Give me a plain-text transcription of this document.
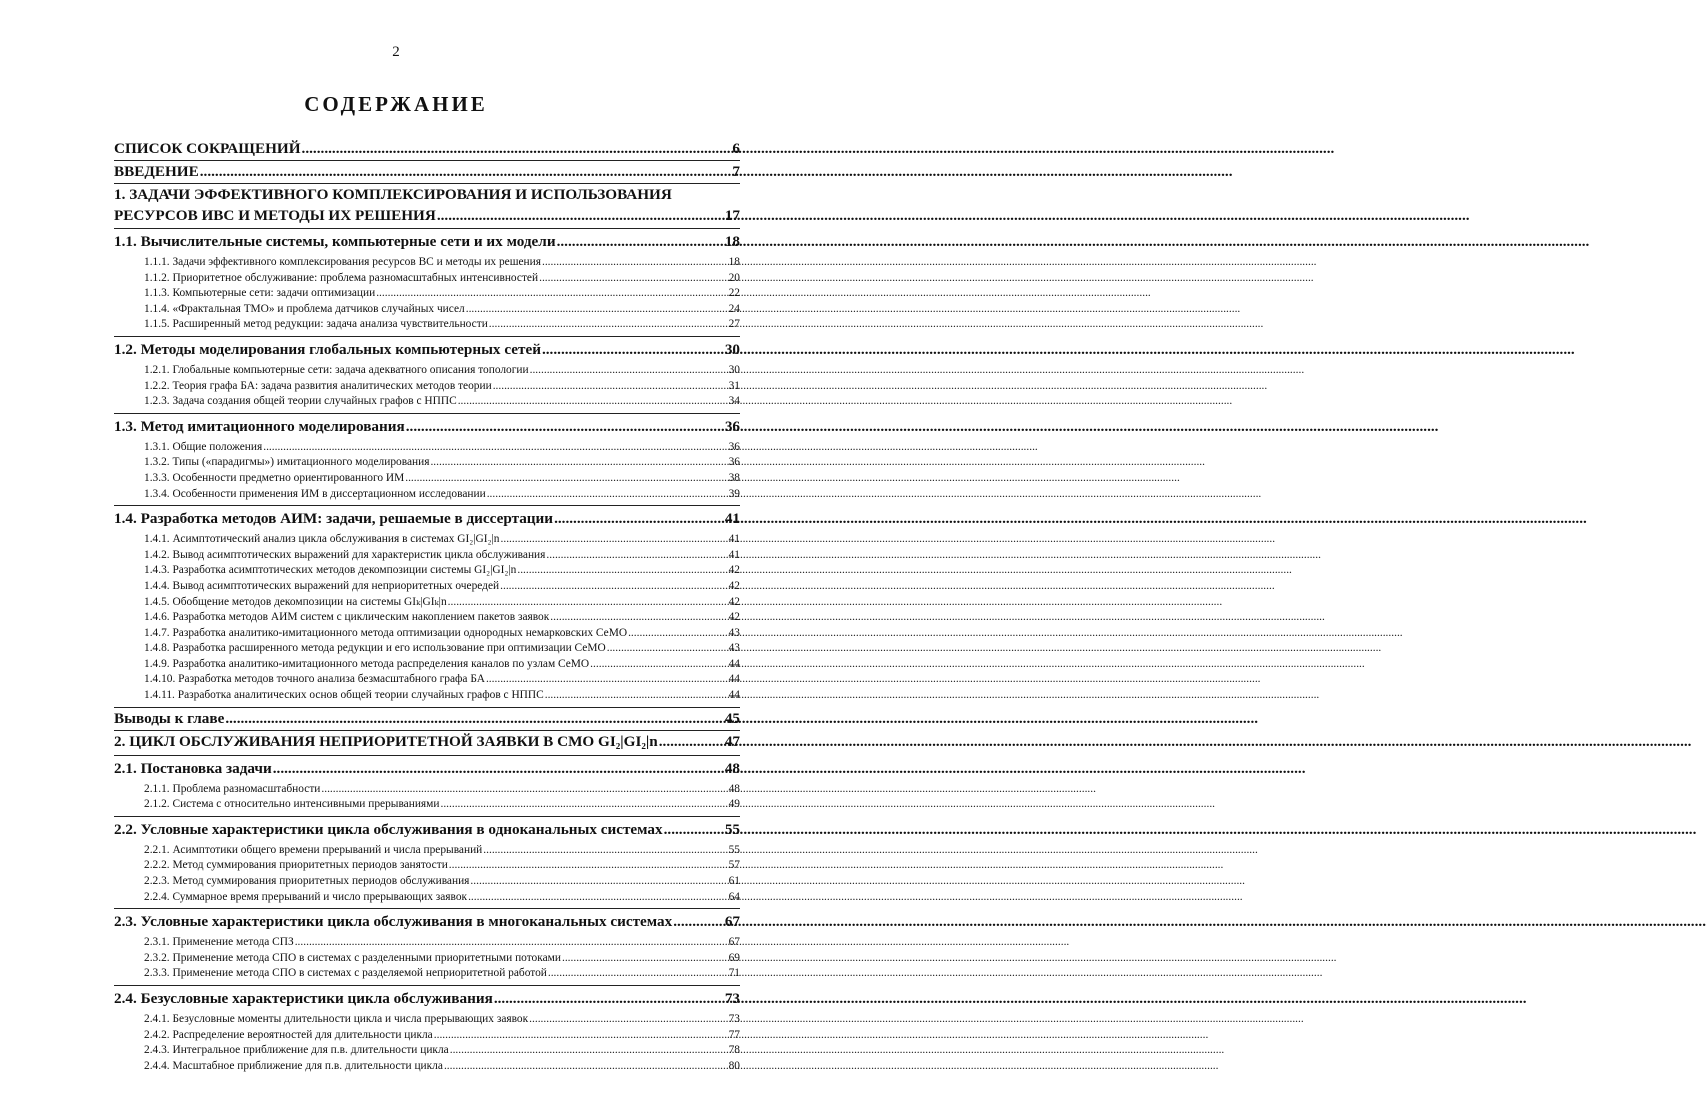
2
СОДЕРЖАНИЕ
СПИСОК СОКРАЩЕНИЙ .....	6
ВВЕДЕНИЕ .....	7
1. ЗАДАЧИ ЭФФЕКТИВНОГО КОМПЛЕКСИРОВАНИЯ И ИСПОЛЬЗОВАНИЯ
РЕСУРСОВ ИВС И МЕТОДЫ ИХ РЕШЕНИЯ .....	17
1.1. Вычислительные системы, компьютерные сети и их модели .....	18
1.1.1. Задачи эффективного комплексирования ресурсов ВС и методы их решения .....	18
1.1.2. Приоритетное обслуживание: проблема разномасштабных интенсивностей .....	20
1.1.3. Компьютерные сети: задачи оптимизации .....	22
1.1.4. «Фрактальная ТМО» и проблема датчиков случайных чисел .....	24
1.1.5. Расширенный метод редукции: задача анализа чувствительности .....	27
1.2. Методы моделирования глобальных компьютерных сетей .....	30
1.2.1. Глобальные компьютерные сети: задача адекватного описания топологии .....	30
1.2.2. Теория графа БА: задача развития аналитических методов теории .....	31
1.2.3. Задача создания общей теории случайных графов с НППС .....	34
1.3. Метод имитационного моделирования .....	36
1.3.1. Общие положения .....	36
1.3.2. Типы («парадигмы») имитационного моделирования .....	36
1.3.3. Особенности предметно ориентированного ИМ .....	38
1.3.4. Особенности применения ИМ в диссертационном исследовании .....	39
1.4. Разработка методов АИМ: задачи, решаемые в диссертации .....	41
1.4.1. Асимптотический анализ цикла обслуживания в системах GI₂|GI₂|n .....	41
1.4.2. Вывод асимптотических выражений для характеристик цикла обслуживания .....	41
1.4.3. Разработка асимптотических методов декомпозиции системы GI₂|GI₂|n .....	42
1.4.4. Вывод асимптотических выражений для неприоритетных очередей .....	42
1.4.5. Обобщение методов декомпозиции на системы GIₖ|GIₖ|n .....	42
1.4.6. Разработка методов АИМ систем с циклическим накоплением пакетов заявок .....	42
1.4.7. Разработка аналитико-имитационного метода оптимизации однородных немарковских СеМО .....	43
1.4.8. Разработка расширенного метода редукции и его использование при оптимизации СеМО .....	43
1.4.9. Разработка аналитико-имитационного метода распределения каналов по узлам СеМО .....	44
1.4.10. Разработка методов точного анализа безмасштабного графа БА .....	44
1.4.11. Разработка аналитических основ общей теории случайных графов с НППС .....	44
Выводы к главе .....	45
2. ЦИКЛ ОБСЛУЖИВАНИЯ НЕПРИОРИТЕТНОЙ ЗАЯВКИ В СМО GI₂|GI₂|n .....	47
2.1. Постановка задачи .....	48
2.1.1. Проблема разномасштабности .....	48
2.1.2. Система с относительно интенсивными прерываниями .....	49
2.2. Условные характеристики цикла обслуживания в одноканальных системах .....	55
2.2.1. Асимптотики общего времени прерываний и числа прерываний .....	55
2.2.2. Метод суммирования приоритетных периодов занятости .....	57
2.2.3. Метод суммирования приоритетных периодов обслуживания .....	61
2.2.4. Суммарное время прерываний и число прерывающих заявок .....	64
2.3. Условные характеристики цикла обслуживания в многоканальных системах .....	67
2.3.1. Применение метода СПЗ .....	67
2.3.2. Применение метода СПО в системах с разделенными приоритетными потоками .....	69
2.3.3. Применение метода СПО в системах с разделяемой неприоритетной работой .....	71
2.4. Безусловные характеристики цикла обслуживания .....	73
2.4.1. Безусловные моменты длительности цикла и числа прерывающих заявок .....	73
2.4.2. Распределение вероятностей для длительности цикла .....	77
2.4.3. Интегральное приближение для п.в. длительности цикла .....	78
2.4.4. Масштабное приближение для п.в. длительности цикла .....	80
